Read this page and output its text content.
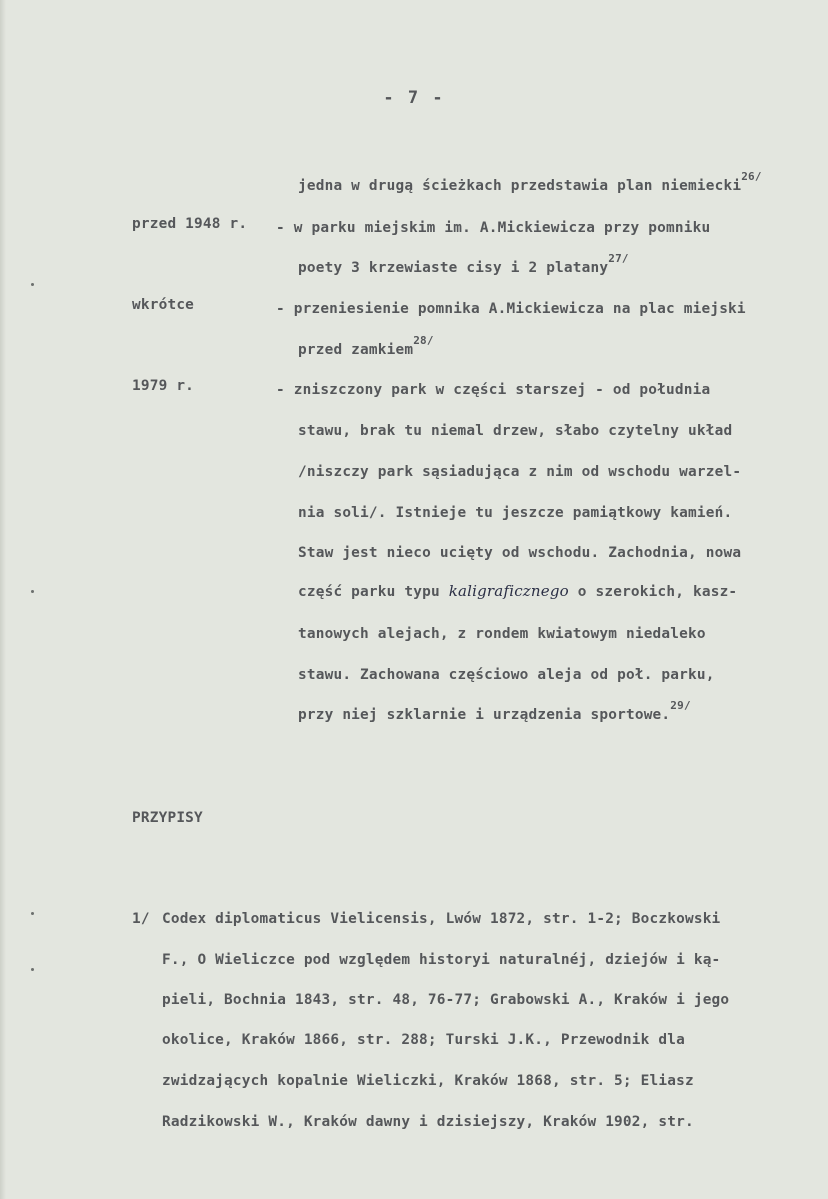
- 7 -
jedna w drugą ścieżkach przedstawia plan niemiecki$^{26/}$
przed 1948 r. - w parku miejskim im. A.Mickiewicza przy pomniku
poety 3 krzewiaste cisy i 2 platany$^{27/}$
wkrótce	- przeniesienie pomnika A.Mickiewicza na plac miejski
przed zamkiem$^{28/}$
1979 r.	- zniszczony park w części starszej - od południa
stawu, brak tu niemal drzew, słabo czytelny układ
/niszczy park sąsiadująca z nim od wschodu warzel-
nia soli/. Istnieje tu jeszcze pamiątkowy kamień.
Staw jest nieco ucięty od wschodu. Zachodnia, nowa
część parku typu kaligraficznego o szerokich, kasz-
tanowych alejach, z rondem kwiatowym niedaleko
stawu. Zachowana częściowo aleja od poł. parku,
przy niej szklarnie i urządzenia sportowe.$^{29/}$
PRZYPISY
1/ Codex diplomaticus Vielicensis, Lwów 1872, str. 1-2; Boczkowski
F., O Wieliczce pod względem historyi naturalnéj, dziejów i ką-
pieli, Bochnia 1843, str. 48, 76-77; Grabowski A., Kraków i jego
okolice, Kraków 1866, str. 288; Turski J.K., Przewodnik dla
zwidzających kopalnie Wieliczki, Kraków 1868, str. 5; Eliasz
Radzikowski W., Kraków dawny i dzisiejszy, Kraków 1902, str.
